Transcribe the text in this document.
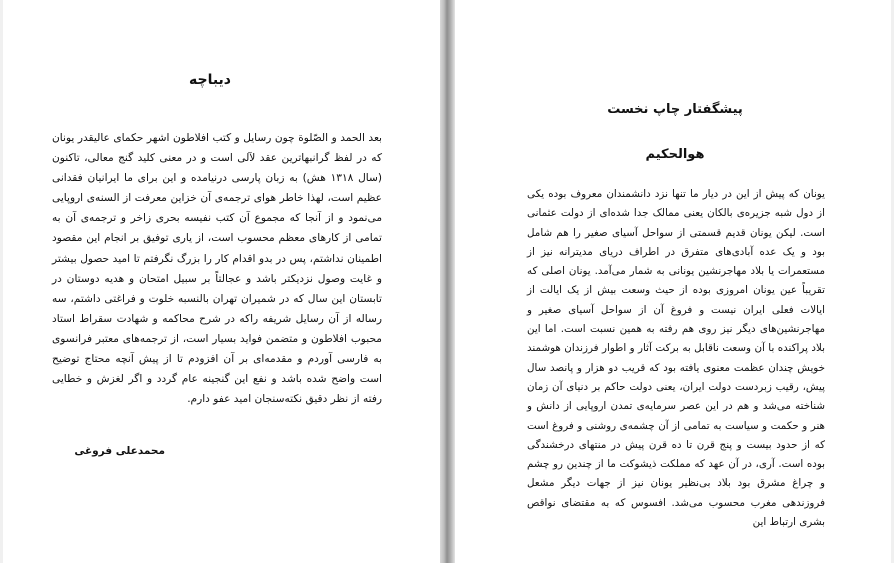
دیباچه

بعد الحمد و الصّلوة چون رسایل و کتب افلاطون اشهر حکمای عالیقدر یونان که در لفظ گرانبهاترین عقد لآلی است و در معنی کلید گنج معالی، تاکنون (سال ۱۳۱۸ ه‍ش) به زبان پارسی درنیامده و این برای ما ایرانیان فقدانی عظیم است، لهذا خاطر هوای ترجمه‌ی آن خزاین معرفت از السنه‌ی اروپایی می‌نمود و از آنجا که مجموع آن کتب نفیسه بحری زاخر و ترجمه‌ی آن به تمامی از کارهای معظم محسوب است، از یاری توفیق بر انجام این مقصود اطمینان نداشتم، پس در بدو اقدام کار را بزرگ نگرفتم تا امید حصول بیشتر و غایت وصول نزدیکتر باشد و عجالتاً بر سبیل امتحان و هدیه دوستان در تابستان این سال که در شمیران تهران بالنسبه خلوت و فراغتی داشتم، سه رساله از آن رسایل شریفه راکه در شرح محاکمه و شهادت سقراط استاد محبوب افلاطون و متضمن فواید بسیار است، از ترجمه‌های معتبر فرانسوی به فارسی آوردم و مقدمه‌ای بر آن افزودم تا از پیش آنچه محتاج توضیح است واضح شده باشد و نفع این گنجینه عام گردد و اگر لغزش و خطایی رفته از نظر دقیق نکته‌سنجان امید عفو دارم.

محمدعلی فروغی
پیشگفتار چاپ نخست
هوالحکیم

یونان که پیش از این در دیار ما تنها نزد دانشمندان معروف بوده یکی از دول شبه جزیره‌ی بالکان یعنی ممالک جدا شده‌ای از دولت عثمانی است. لیکن یونان قدیم قسمتی از سواحل آسیای صغیر را هم شامل بود و یک عده آبادی‌های متفرق در اطراف دریای مدیترانه نیز از مستعمرات یا بلاد مهاجرنشین یونانی به شمار می‌آمد. یونان اصلی که تقریباً عین یونان امروزی بوده از حیث وسعت بیش از یک ایالت از ایالات فعلی ایران نیست و فروغ آن از سواحل آسیای صغیر و مهاجرنشین‌های دیگر نیز روی هم رفته به همین نسبت است. اما این بلاد پراکنده با آن وسعت ناقابل به برکت آثار و اطوار فرزندان هوشمند خویش چندان عظمت معنوی یافته بود که قریب دو هزار و پانصد سال پیش، رقیب زبردست دولت ایران، یعنی دولت حاکم بر دنیای آن زمان شناخته می‌شد و هم در این عصر سرمایه‌ی تمدن اروپایی از دانش و هنر و حکمت و سیاست به تمامی از آن چشمه‌ی روشنی و فروغ است که از حدود بیست و پنج قرن تا ده قرن پیش در منتهای درخشندگی بوده است. آری، در آن عهد که مملکت ذیشوکت ما از چندین رو چشم و چراغ مشرق بود بلاد بی‌نظیر یونان نیز از جهات دیگر مشعل فروزندهی مغرب محسوب می‌شد. افسوس که به مقتضای نواقص بشری ارتباط این
